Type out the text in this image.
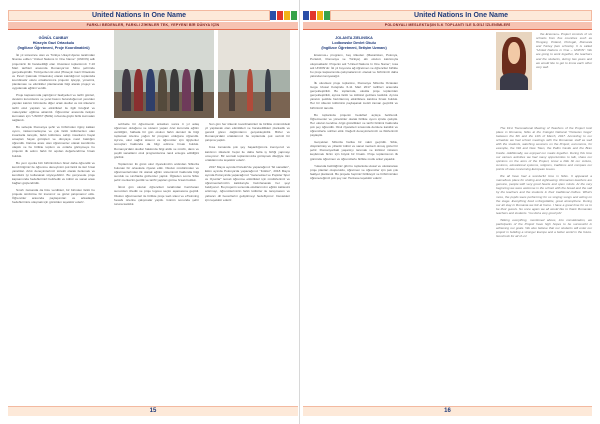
United Nations In One Name
FARKLI BEDENLER, FARKLI ZİHİNLER TEK, YEPYENİ BİR DÜNYA İÇİN
GÖNÜL CANBAY
Hüseyin Gazi Ortaokulu
(İngilizce Öğretmeni, Proje Koordinatörü)

İki yıl süresince olan ve Türkiye Ukayd Ajansı tarafından finanse edilen "United Nations In One Name" (UNION) adlı projemizin ilk hareketliliği olan Ulusötesi toplantımızı 7-10 Mart tarihleri arasında Romanya'nın Sibiu şehrinde gerçekleştirdik. Türkiye'den iki okul (Hüseyin Gazi Ortaokulu ve Pevzi Çakmak Ortaokulu) olarak katıldığımız toplantıda koordinatör okulu ortaklarımıza projenin işleyişi, yönetimi, planlaması ve etkinlikler planlanarak bilgi alarak projeyi ve uygulamak eğitimi verdik.

Proje kapsamında yaptığımız faaliyetleri ve tarihi günleri, devletin kurumlarını ve yerel basını bulunduğumuz yerelden yapılan katılım birimlerde diğer ortak okullar ve üst ülkelerin tarihi okul yapıları ve etkinlikleri ile ilgili fotoğraf ve materyaller eğitime aktarıldı. Öğrenciler arasında iletişim kurmaları için "UNION" (Birlik) ruhunda güçlü birlik kurmaları sağlandı.

Bu sebeple Romanya şehir ve birbirinden ilginç kalkan uyum, mükemmelleşme ve çok farklı kültürlerden olan insanlarla tanıştık, farklı kültürlere sahip insanların hayat amaçları hayat görüşleri ve dünyaya nasıl baktığını öğrendik. Dalıma arası olan öğretmenler olarak kendimize ulaştık ve bu birlikte toplum ve onlarla görüşmeye bu projenin ilk adımı farklı bir açıdan değerlendirme fırsatı bulduk.

Bu yeni oyunla bizi birbirimizden biraz daha öğrendik ve kendi bilgimiz ile öğrenme deneyimini çok farklı ile ileri fırsat yarattılar. Artık deneyimlerimiz sürekli olarak ilerlemek ve kendisini iyi kullanarak söyleyebiliriz. Bu çerçevede proje kapsamında hedeflerimizi belirledik ve kültür ve sanat arası bağları güçlendirdik.

Sınırlı zamanda da bize verdikleri, bir birinden farklı bu projede sürdürme bir inanımız ve güzel çalışmamız oldu. Öğrenciler arasında paylaşımları ve arkadaşlık hedeflerimize ulaşmak için gönülden teşekkür ederiz.

sohbetle bir öğretmenin anlatılan sonra 4 yıl adaş öğretmen olduğunu ve sistemi yapan özel kurumda eğitim verildiğini, haftada bir gün okulun farklı dersleri ile bilgi toplamak üzerine yoğun bir program olduğunu öğrendik. Ayrıca, okul sağlık sistemi ve öğrenciler için ilgiçlenler sonuçları hakkında da bilgi edinme fırsatı bulduk. Romanya'daki okullar hakkında bilgi aldık ve müzik, dans ve çeşitli sanatların okul programlarına nasıl entegre edildiğini gördük.

Toplantının ilk günü okul ziyaretimizin ardından Sibiu'da bulunan bir ortaokula ziyaret ettik. Okulun müdüründen ve öğretmenlerinden ilk olarak eğitim sistemimiz hakkında bilgi sunduk ve sınıflarda gözlemler yaptık. Öğleden sonra Sibiu şehir merkezini gezdik ve tarihî yapıları görme fırsatı bulduk.

İkinci gün okulun öğrencileri tarafından hazırlanan sunumları izledik ve proje logosu seçim aşamasına geçildi. Okulun öğretmenleri ile birlikte proje web sitesi ve eTwinning hesabı üzerine çalışmalar yaptık. Günün sonunda şehir turuna katıldık.

Son gün her ülkenin koordinatörleri ile birlikte önümüzdeki yıl yapılacak olan etkinlikleri ve hareketlilikleri planladık ve gerekli görev dağılımlarını gerçekleştirdik. Bizler ve Romanya'daki ortaklarımız bu toplantıda çok verimli bir çalışma yaptık.

Kısa zamanda çok şey başardığımıza inanıyoruz ve katılımcı ülkelerin hepsi ile daha fazla iş birliği yapmayı umuyoruz. Bir sonraki toplantımızda görüşmek dileğiyle tüm ortaklarımıza teşekkür ederiz.

2017 Mayıs ayında Portekiz'de yapacağımız "El sanatları", Ekim ayında Polonya'da yapacağımız "Folklor", 2018 Mayıs ayında Polonya'da yapacağımız "Geleneksel ve Popüler Spor ve Oyunlar" temalı öğrenme etkinlikleri için müdürlerimiz ve öğretmenlerimizin katkılarıyla hazırlanacak her şeyi bekliyoruz. Bu projenin sonunda okullarımızın eğitim kalitesini artırmayı, öğrencilerimizin farklı kültürler ile tanışmasını ve yabancı dil becerilerini geliştirmeyi hedefliyoruz. Destekleri için teşekkür ederiz.

15
United Nations In One Name
POLONYALI MESLEKTAŞIN İLK TOPLANTI İLE İLGİLİ İZLENİMLERİ
JOLANTA ZIELINSKA
Lodbowske Devlet Okulu
(İngilizce Öğretmeni, İletişim Uzmanı)

Erasmus+ programı, beş ülkeden (Macaristan, Polonya, Portekiz, Romanya ve Türkiye) altı okulun katılımıyla oluşmaktadır. Projenin adı "United Nations In One Name", kısa adı UNION'dır. İki yıl boyunca ağ öğretmen ve öğrenciler birlikte bu proje kapsamında çalışmalarımızı olacak ve birbirimizi daha yakından tanıyacağız.

İlk ulusötesi proje toplantısı, Romanya Sibiu'da Octavian Goga Ulusal Kolejinde 6-11 Mart 2017 tarihleri arasında gerçekleştirildi. Bu toplantıda, okulda proje toplantıları gerçekleştirildi, ayrıca farklı ve kültürel gezilere katıldık. Ayrıca yaratıcı şekilde hazırlanmış etkinliklere katılma fırsatı bulduk. Her bir ülkenin kültürünü paylaşarak zevkli zaman geçirdik ve birbirimizi tanıdık.

Bu toplantıda projenin hedefleri açıkça belirlendi. Öğretmenler ve yöneticiler olarak birlikte uyum içinde çalıştık. Her okulun kendine özgü güzellikleri ve tarihi birikimi hakkında çok şey öğrendik. Okul ziyaretleri sırasında derslere katıldık ve öğrencilerle sohbet ettik. Değerli deneyimlerimizi ve fikirlerimizi paylaştık.

Gerçekten Sibiu'da harika bir vakit geçirdik. Sibiu, düşünülmüş ve yıllardır kültür ve sanat merkezi olmuş güzel bir şehir. Romanya'daki yaşantıyı tanımak ve kültürel mirasını keşfetmek bizim için büyük bir fırsattı. Proje toplantısının ilk gününde öğretmen ve öğrencilerle birlikte mutlu anlar yaşadık.

Yukarıda belirttiğimiz gibi bu toplantıda ulusal ve uluslararası proje planları oluşturuldu, öğretmen ve öğrenciler için pek çok faaliyet planlandı. Bu projede hepimiz birlikteyiz ve birbirimizden öğreneceğimiz çok şey var. Herkese teşekkür ederiz.

the Erasmus+ Project consists of six schools from five countries such as Hungary, Poland, Portugal, Romania and Turkey (two schools). It is called "United Nations in One – UNION". We are going to work together, the teachers and the students, during two years and we would like to get to know each other very well.

The First Transnational Meeting of Teachers of the Project took place in Romania, Sibiu at the Colegiul National "Octavian Goga" between the 6th and the 11th of March, 2017. According to our schedule we had school meetings with the Romanian staff as well with the students, watching sessions on the Project, excursions, for example, the Old and New Town, the Paltin Castle and the Bran Castle. Additionally, we enjoyed our meals together. During this time our various activities we had many opportunities to talk, share our opinions on the aims of the Project, know a little bit our culture, customs, educational systems, religions, traditions and compare our points of view concerning European issues.

We all have had a wonderful time in Sibiu. It appeared a marvellous place for visiting and sightseeing. Romanian teachers are genuine, people with very good hearts and open minds. At the very beginning we were welcome in the school with the bread and the salt by the teachers and the students in their traditional clothes. What's more, the pupils were performing for us singing songs and acting on the stage. Everything lived unforgettable, great atmosphere. During our all stay in Romania we felt at home. I have a great time for us to be their guests. So once again we all would like to thank Romanian teachers and students. You did a very good job!

Talking everything, mentioned above, into consideration, we participants of the Project have high hopes to be successful in achieving our goals. We also believe that our students will enter our project in building a stronger Europe and a better world in the future. Good luck for all of us!

16
